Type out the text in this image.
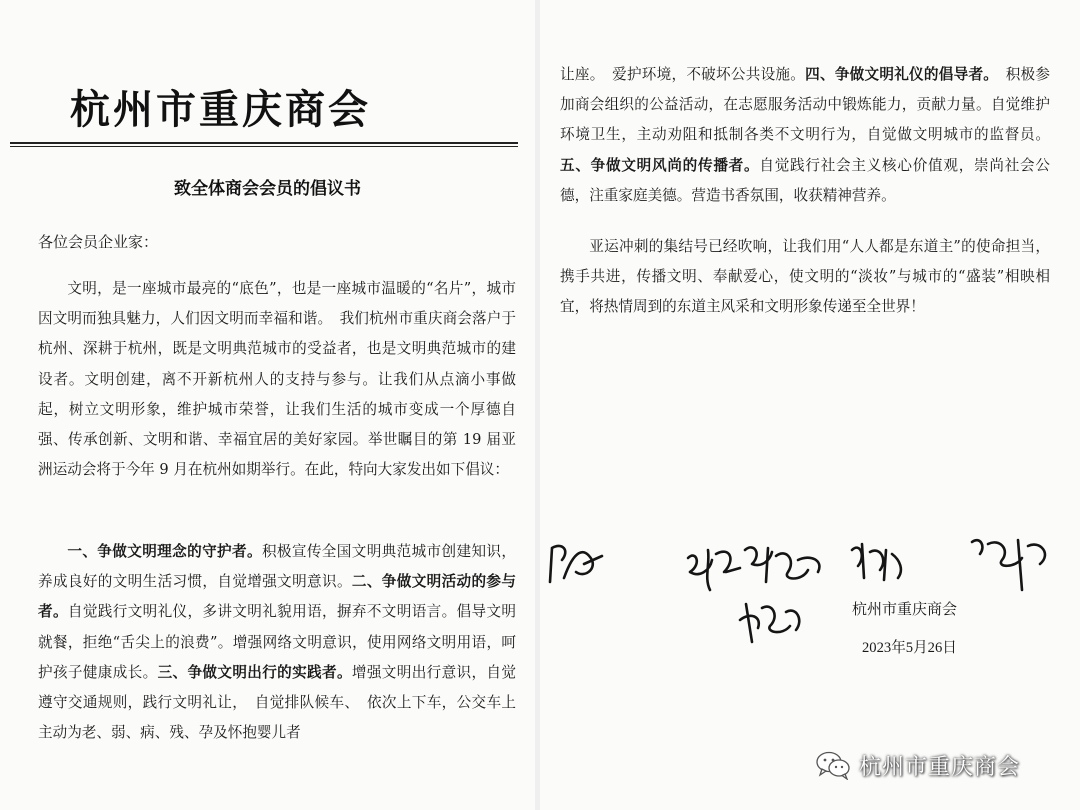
杭州市重庆商会
致全体商会会员的倡议书
各位会员企业家：
文明，是一座城市最亮的“底色”，也是一座城市温暖的“名片”，城市因文明而独具魅力，人们因文明而幸福和谐。　我们杭州市重庆商会落户于杭州、深耕于杭州，既是文明典范城市的受益者，也是文明典范城市的建设者。文明创建，离不开新杭州人的支持与参与。让我们从点滴小事做起，树立文明形象，维护城市荣誉，让我们生活的城市变成一个厚德自强、传承创新、文明和谐、幸福宜居的美好家园。举世瞩目的第 19 届亚洲运动会将于今年 9 月在杭州如期举行。在此，特向大家发出如下倡议：
一、争做文明理念的守护者。积极宣传全国文明典范城市创建知识，养成良好的文明生活习惯，自觉增强文明意识。二、争做文明活动的参与者。自觉践行文明礼仪，多讲文明礼貌用语，摒弃不文明语言。倡导文明就餐，拒绝“舌尖上的浪费”。增强网络文明意识，使用网络文明用语，呵护孩子健康成长。三、争做文明出行的实践者。增强文明出行意识，自觉遵守交通规则，践行文明礼让，　自觉排队候车、　依次上下车，公交车上主动为老、弱、病、残、孕及怀抱婴儿者
让座。　爱护环境，不破坏公共设施。四、争做文明礼仪的倡导者。　积极参加商会组织的公益活动，在志愿服务活动中锻炼能力，贡献力量。自觉维护环境卫生，主动劝阻和抵制各类不文明行为，自觉做文明城市的监督员。五、争做文明风尚的传播者。自觉践行社会主义核心价值观，崇尚社会公德，注重家庭美德。营造书香氛围，收获精神营养。
亚运冲刺的集结号已经吹响，让我们用“人人都是东道主”的使命担当，携手共进，传播文明、奉献爱心，使文明的“淡妆”与城市的“盛装”相映相宜，将热情周到的东道主风采和文明形象传递至全世界！
杭州市重庆商会
2023年5月26日
杭州市重庆商会
